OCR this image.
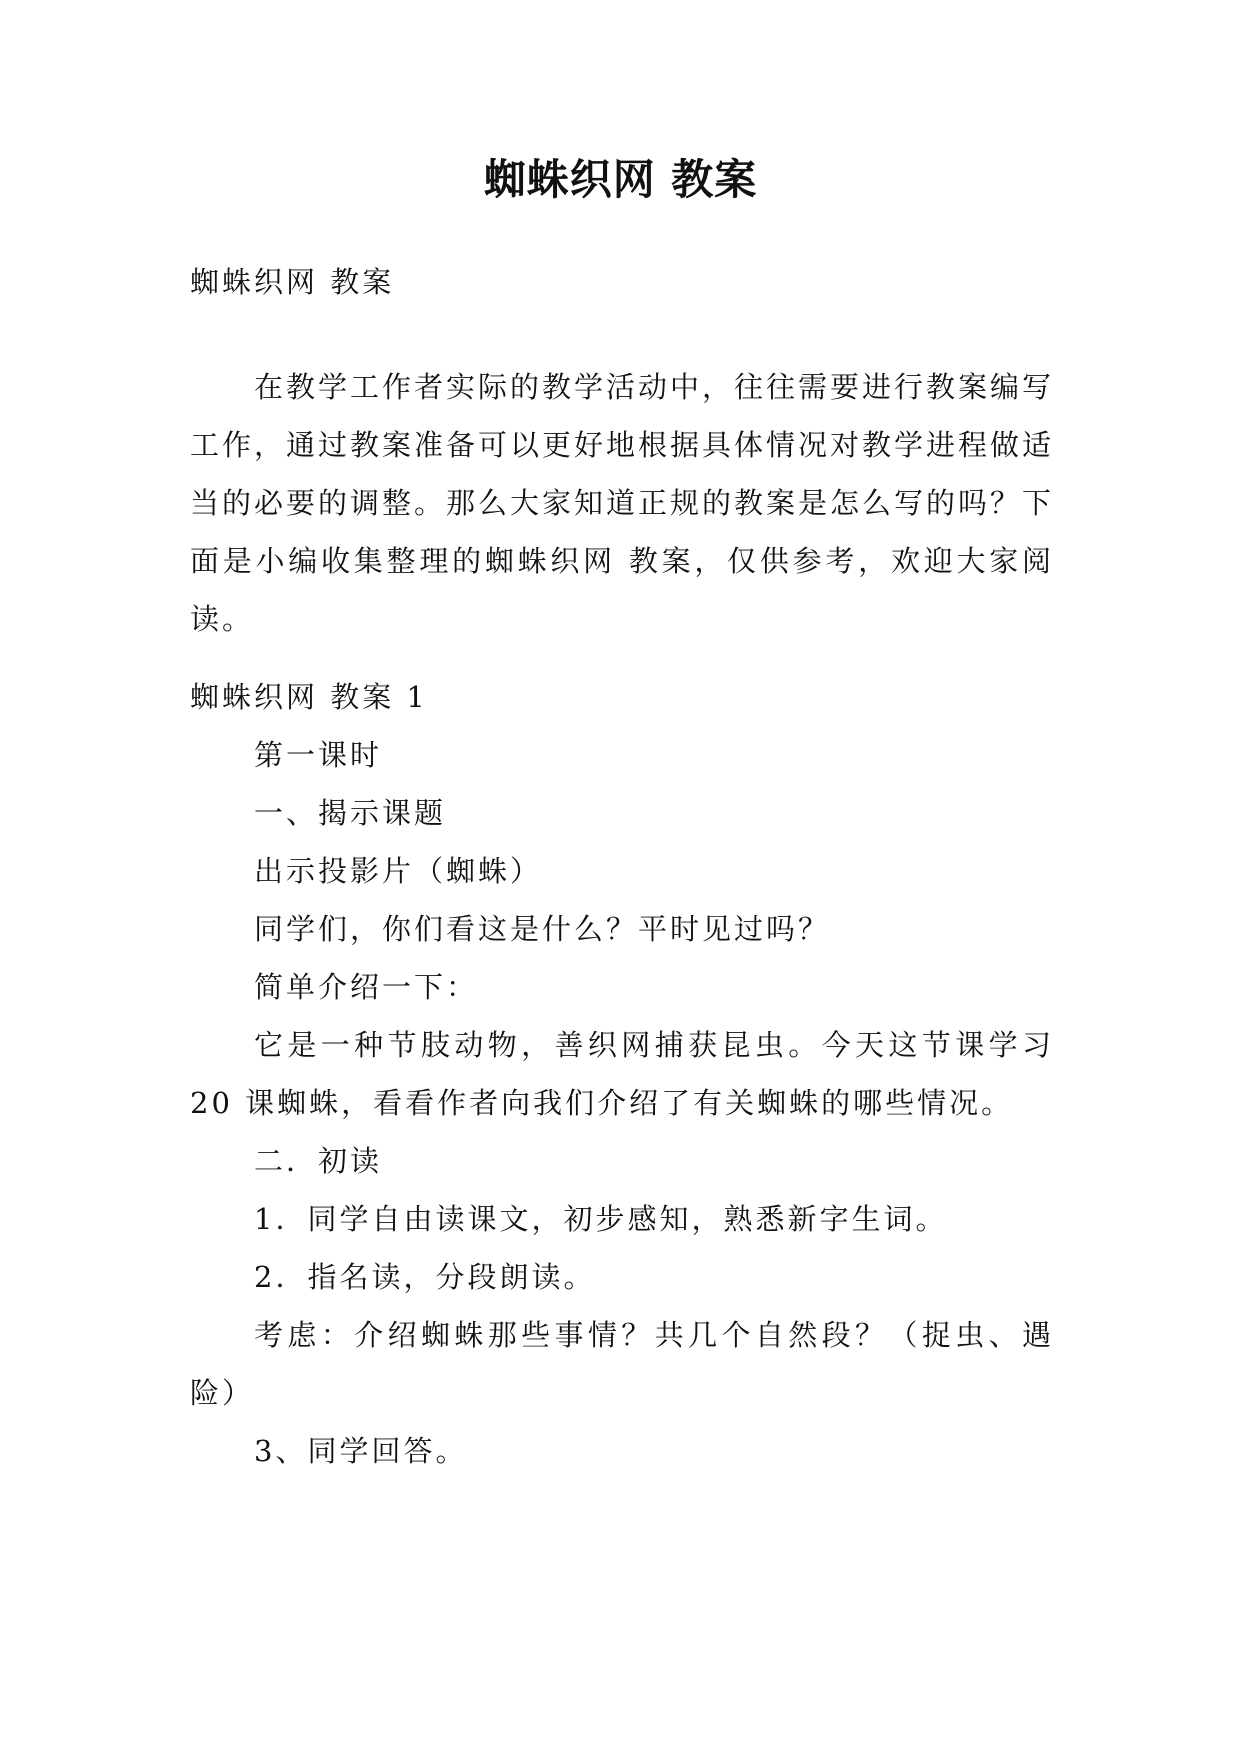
蜘蛛织网 教案
蜘蛛织网 教案
在教学工作者实际的教学活动中，往往需要进行教案编写工作，通过教案准备可以更好地根据具体情况对教学进程做适当的必要的调整。那么大家知道正规的教案是怎么写的吗？下面是小编收集整理的蜘蛛织网 教案，仅供参考，欢迎大家阅读。
蜘蛛织网 教案 1
第一课时
一、揭示课题
出示投影片（蜘蛛）
同学们，你们看这是什么？平时见过吗？
简单介绍一下：
它是一种节肢动物，善织网捕获昆虫。今天这节课学习 20 课蜘蛛，看看作者向我们介绍了有关蜘蛛的哪些情况。
二．初读
1．同学自由读课文，初步感知，熟悉新字生词。
2．指名读，分段朗读。
考虑：介绍蜘蛛那些事情？共几个自然段？（捉虫、遇险）
3、同学回答。
